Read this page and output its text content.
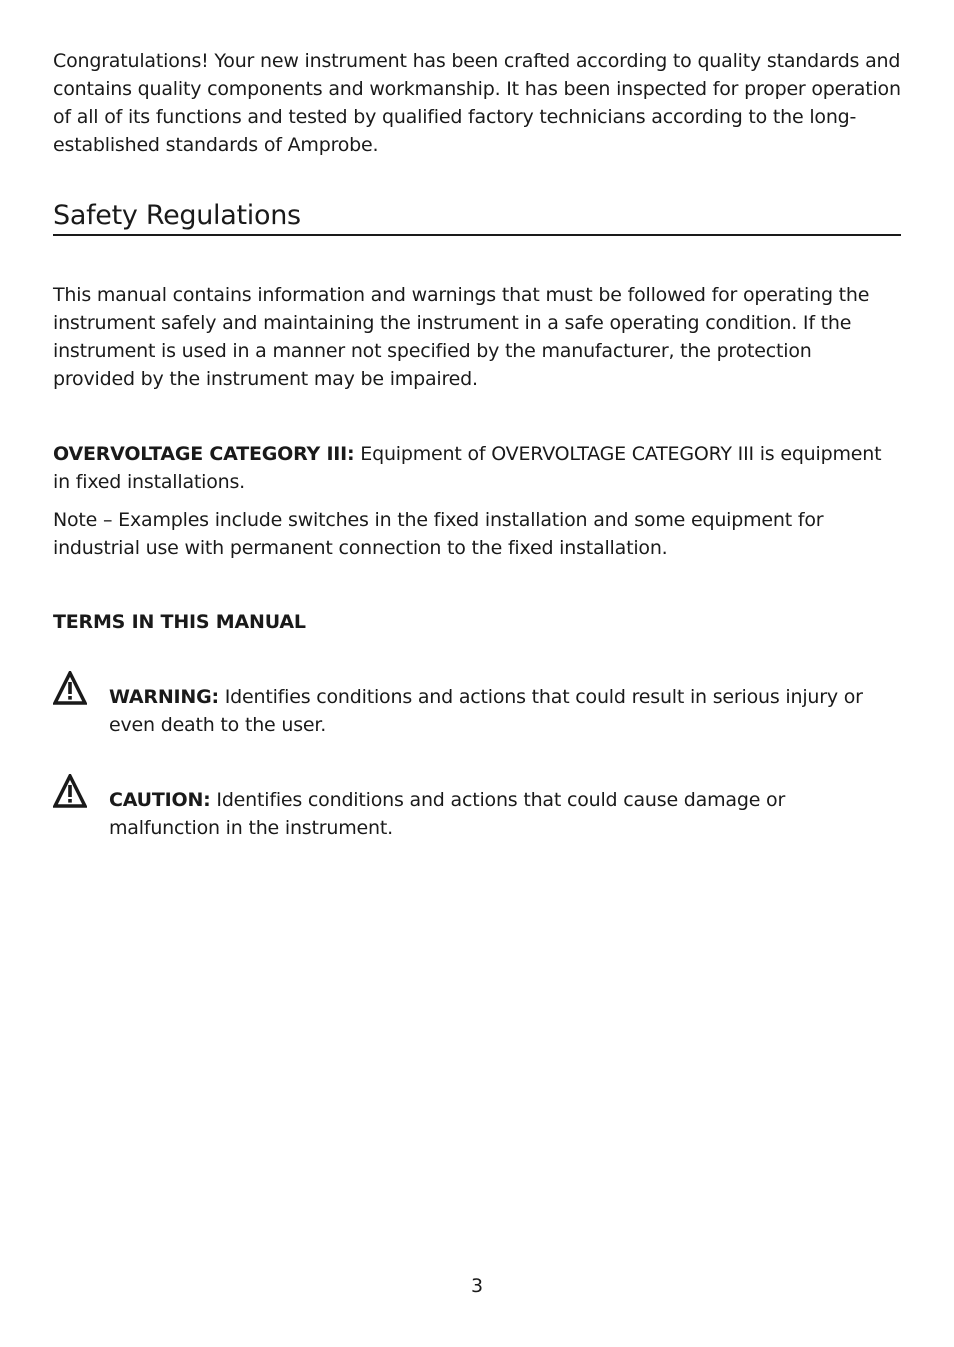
Congratulations! Your new instrument has been crafted according to quality standards and contains quality components and workmanship. It has been inspected for proper operation of all of its functions and tested by qualified factory technicians according to the long-established standards of Amprobe.

Safety Regulations

This manual contains information and warnings that must be followed for operating the instrument safely and maintaining the instrument in a safe operating condition. If the instrument is used in a manner not specified by the manufacturer, the protection provided by the instrument may be impaired.

OVERVOLTAGE CATEGORY III: Equipment of OVERVOLTAGE CATEGORY III is equipment in fixed installations.

Note – Examples include switches in the fixed installation and some equipment for industrial use with permanent connection to the fixed installation.

TERMS IN THIS MANUAL

WARNING: Identifies conditions and actions that could result in serious injury or even death to the user.

CAUTION: Identifies conditions and actions that could cause damage or malfunction in the instrument.

3
